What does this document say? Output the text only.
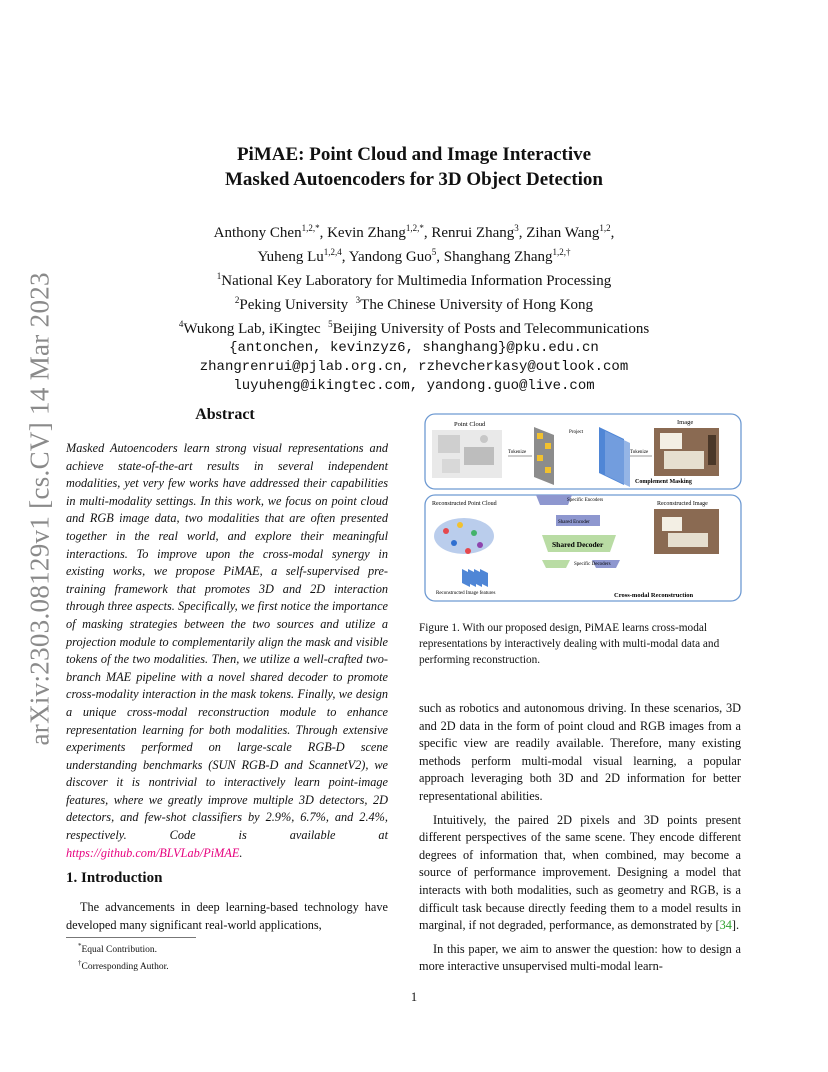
PiMAE: Point Cloud and Image Interactive
Masked Autoencoders for 3D Object Detection
Anthony Chen$^{1,2,*}$, Kevin Zhang$^{1,2,*}$, Renrui Zhang$^3$, Zihan Wang$^{1,2}$,
Yuheng Lu$^{1,2,4}$, Yandong Guo$^5$, Shanghang Zhang$^{1,2,\dagger}$
$^1$National Key Laboratory for Multimedia Information Processing
$^2$Peking University $^3$The Chinese University of Hong Kong
$^4$Wukong Lab, iKingtec $^5$Beijing University of Posts and Telecommunications
{antonchen, kevinzyz6, shanghang}@pku.edu.cn
zhangrenrui@pjlab.org.cn, rzhevcherkasy@outlook.com
luyuheng@ikingtec.com, yandong.guo@live.com
arXiv:2303.08129v1 [cs.CV] 14 Mar 2023	Abstract
Masked Autoencoders learn strong visual representations and achieve state-of-the-art results in several independent modalities, yet very few works have addressed their capabilities in multi-modality settings. In this work, we focus on point cloud and RGB image data, two modalities that are often presented together in the real world, and explore their meaningful interactions. To improve upon the cross-modal synergy in existing works, we propose PiMAE, a self-supervised pre-training framework that promotes 3D and 2D interaction through three aspects. Specifically, we first notice the importance of masking strategies between the two sources and utilize a projection module to complementarily align the mask and visible tokens of the two modalities. Then, we utilize a well-crafted two-branch MAE pipeline with a novel shared decoder to promote cross-modality interaction in the mask tokens. Finally, we design a unique cross-modal reconstruction module to enhance representation learning for both modalities. Through extensive experiments performed on large-scale RGB-D scene understanding benchmarks (SUN RGB-D and ScannetV2), we discover it is nontrivial to interactively learn point-image features, where we greatly improve multiple 3D detectors, 2D detectors, and few-shot classifiers by 2.9%, 6.7%, and 2.4%, respectively. Code is available at https://github.com/BLVLab/PiMAE.
1. Introduction
The advancements in deep learning-based technology have developed many significant real-world applications,
*Equal Contribution.
†Corresponding Author.
Point Cloud	Image
Tokenize	Tokenize
Project
Complement Masking
Reconstructed Point Cloud	Reconstructed Image
Specific Encoders
Shared Encoder
Shared Decoder
Specific Decoders
Reconstructed Image features	Cross-modal Reconstruction
Figure 1. With our proposed design, PiMAE learns cross-modal representations by interactively dealing with multi-modal data and performing reconstruction.

such as robotics and autonomous driving. In these scenarios, 3D and 2D data in the form of point cloud and RGB images from a specific view are readily available. Therefore, many existing methods perform multi-modal visual learning, a popular approach leveraging both 3D and 2D information for better representational abilities.

Intuitively, the paired 2D pixels and 3D points present different perspectives of the same scene. They encode different degrees of information that, when combined, may become a source of performance improvement. Designing a model that interacts with both modalities, such as geometry and RGB, is a difficult task because directly feeding them to a model results in marginal, if not degraded, performance, as demonstrated by [34].

In this paper, we aim to answer the question: how to design a more interactive unsupervised multi-modal learn-

1
